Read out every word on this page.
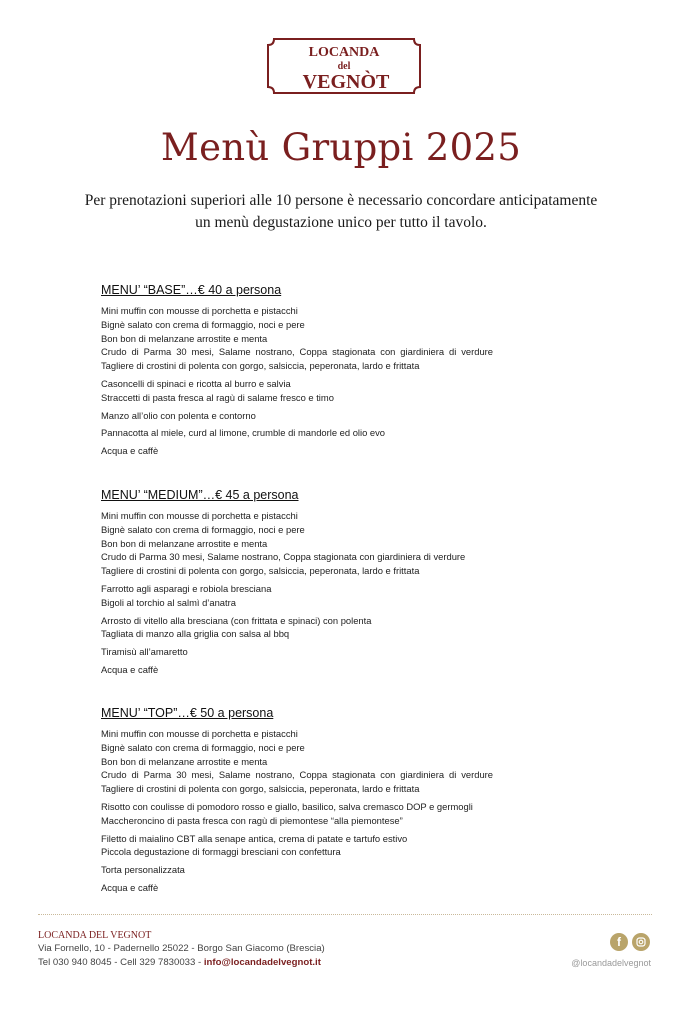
LOCANDA
del
VEGNÒT
Menù Gruppi 2025
Per prenotazioni superiori alle 10 persone è necessario concordare anticipatamente
un menù degustazione unico per tutto il tavolo.
MENU’ “BASE”…€ 40 a persona
Mini muffin con mousse di porchetta e pistacchi
Bignè salato con crema di formaggio, noci e pere
Bon bon di melanzane arrostite e menta
Crudo di Parma 30 mesi, Salame nostrano, Coppa stagionata con giardiniera di verdure Tagliere di crostini di polenta con gorgo, salsiccia, peperonata, lardo e frittata
Casoncelli di spinaci e ricotta al burro e salvia
Straccetti di pasta fresca al ragù di salame fresco e timo
Manzo all’olio con polenta e contorno
Pannacotta al miele, curd al limone, crumble di mandorle ed olio evo
Acqua e caffè
MENU’ “MEDIUM”…€ 45 a persona
Mini muffin con mousse di porchetta e pistacchi
Bignè salato con crema di formaggio, noci e pere
Bon bon di melanzane arrostite e menta
Crudo di Parma 30 mesi, Salame nostrano, Coppa stagionata con giardiniera di verdure
Tagliere di crostini di polenta con gorgo, salsiccia, peperonata, lardo e frittata
Farrotto agli asparagi e robiola bresciana
Bigoli al torchio al salmì d’anatra
Arrosto di vitello alla bresciana (con frittata e spinaci) con polenta
Tagliata di manzo alla griglia con salsa al bbq
Tiramisù all’amaretto
Acqua e caffè
MENU’ “TOP”…€ 50 a persona
Mini muffin con mousse di porchetta e pistacchi
Bignè salato con crema di formaggio, noci e pere
Bon bon di melanzane arrostite e menta
Crudo di Parma 30 mesi, Salame nostrano, Coppa stagionata con giardiniera di verdure Tagliere di crostini di polenta con gorgo, salsiccia, peperonata, lardo e frittata
Risotto con coulisse di pomodoro rosso e giallo, basilico, salva cremasco DOP e germogli
Maccheroncino di pasta fresca con ragù di piemontese “alla piemontese”
Filetto di maialino CBT alla senape antica, crema di patate e tartufo estivo
Piccola degustazione di formaggi bresciani con confettura
Torta personalizzata
Acqua e caffè
LOCANDA DEL VEGNOT
Via Fornello, 10 - Padernello 25022 - Borgo San Giacomo (Brescia)
Tel 030 940 8045 - Cell 329 7830033 - info@locandadelvegnot.it
f
@locandadelvegnot
